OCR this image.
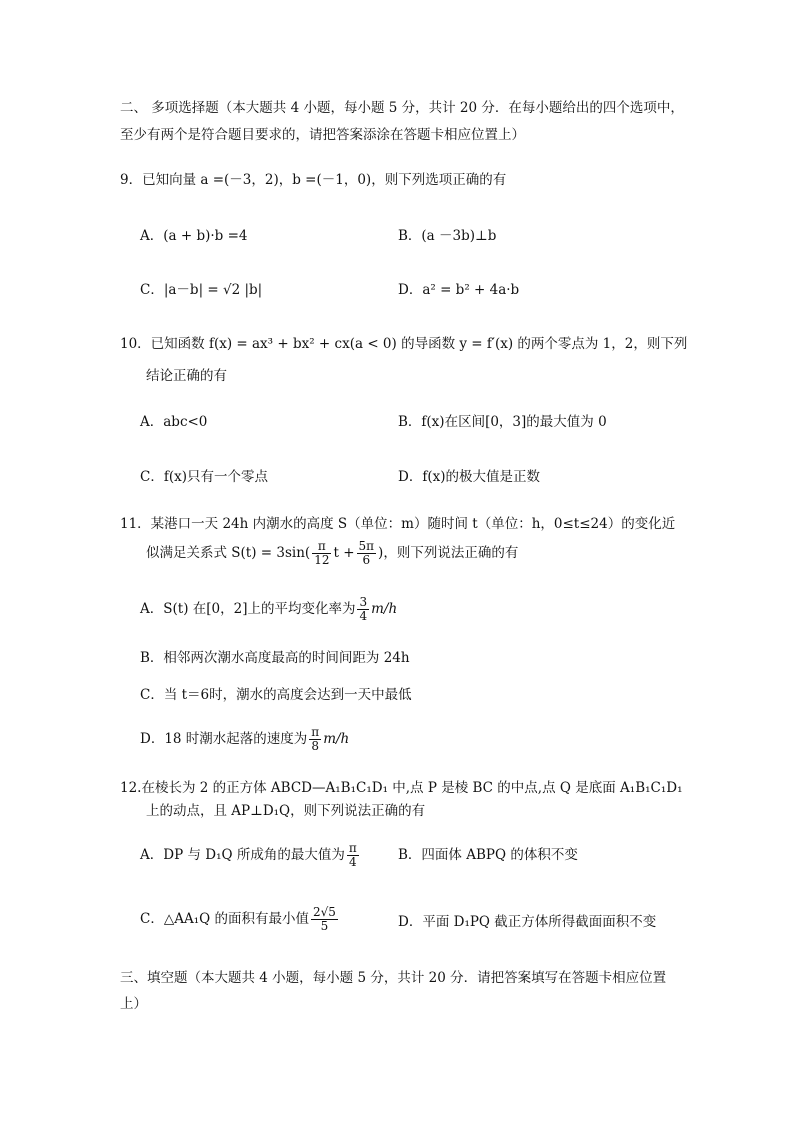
二、 多项选择题（本大题共 4 小题，每小题 5 分，共计 20 分．在每小题给出的四个选项中，
至少有两个是符合题目要求的，请把答案添涂在答题卡相应位置上）
9．已知向量 a =(－3，2)，b =(－1，0)，则下列选项正确的有
A．(a + b)·b =4	B．(a －3b)⊥b
C．|a－b| = √2 |b|	D．a² = b² + 4a·b
10．已知函数 f(x) = ax³ + bx² + cx(a < 0) 的导函数 y = f′(x) 的两个零点为 1，2，则下列
结论正确的有
A．abc<0	B．f(x)在区间[0，3]的最大值为 0
C．f(x)只有一个零点	D．f(x)的极大值是正数
11．某港口一天 24h 内潮水的高度 S（单位：m）随时间 t（单位：h，0≤t≤24）的变化近
似满足关系式 $S(t) = 3\sin( \frac{\pi}{12}$ $t + \frac{5\pi}{6}$ )，则下列说法正确的有
A．S(t) 在[0，2]上的平均变化率为 $\frac{3}{4} m/h$
B．相邻两次潮水高度最高的时间间距为 24h
C．当 t＝6时，潮水的高度会达到一天中最低
D．18 时潮水起落的速度为 $\frac{\pi}{8} m/h$
12.在棱长为 2 的正方体 ABCD—A₁B₁C₁D₁ 中,点 P 是棱 BC 的中点,点 Q 是底面 A₁B₁C₁D₁
上的动点，且 AP⊥D₁Q，则下列说法正确的有
A．DP 与 D₁Q 所成角的最大值为 $\frac{\pi}{4}$	B．四面体 ABPQ 的体积不变
C．△AA₁Q 的面积有最小值 $\frac{2√5}{5}$	D．平面 D₁PQ 截正方体所得截面面积不变
三、填空题（本大题共 4 小题，每小题 5 分，共计 20 分．请把答案填写在答题卡相应位置
上）
